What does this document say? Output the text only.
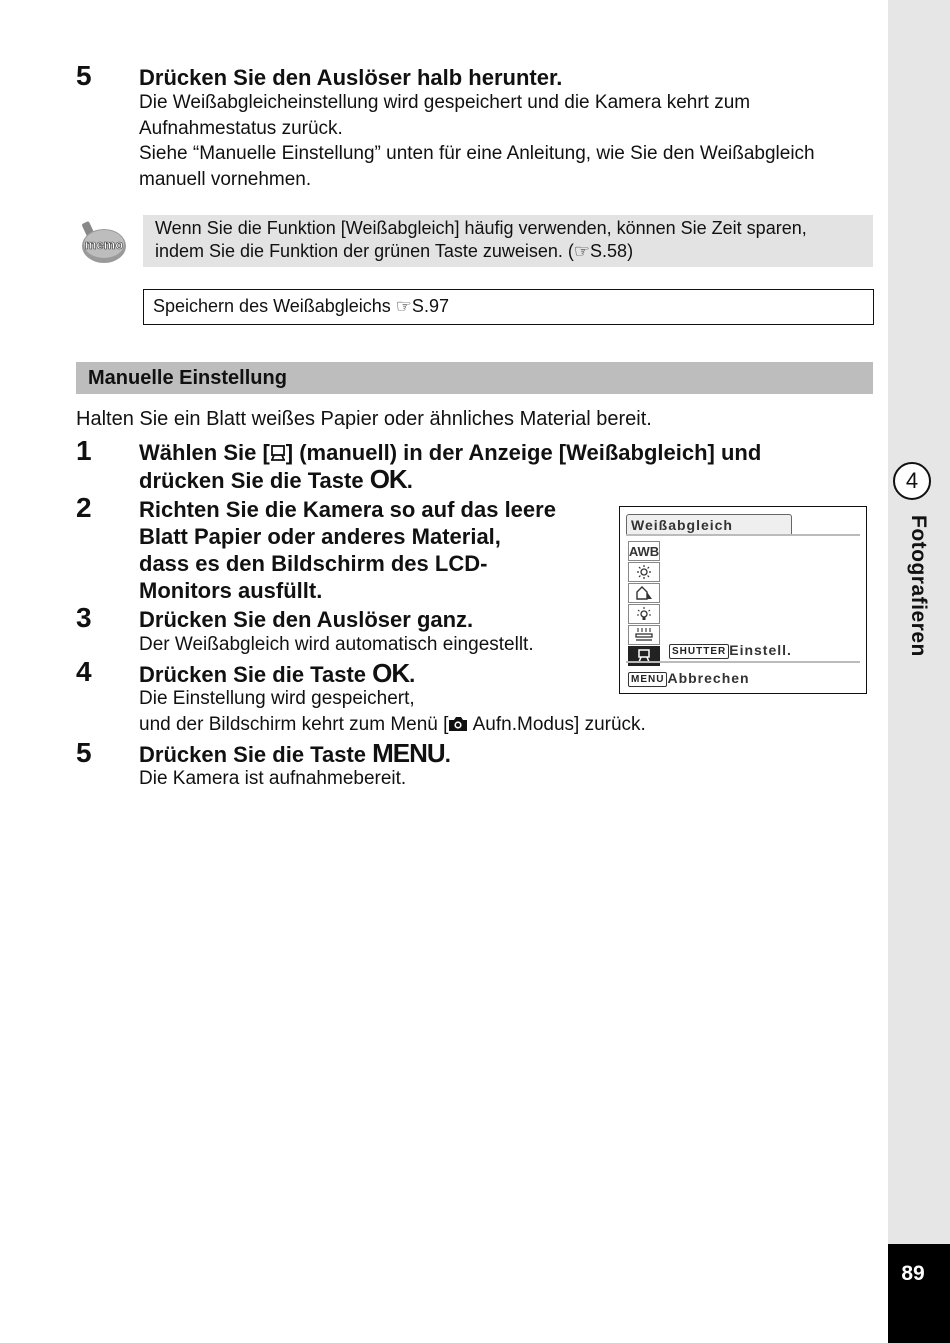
4
Fotografieren
89
5 Drücken Sie den Auslöser halb herunter.
Die Weißabgleicheinstellung wird gespeichert und die Kamera kehrt zum
Aufnahmestatus zurück.
Siehe “Manuelle Einstellung” unten für eine Anleitung, wie Sie den Weißabgleich
manuell vornehmen.
memo
Wenn Sie die Funktion [Weißabgleich] häufig verwenden, können Sie Zeit sparen,
indem Sie die Funktion der grünen Taste zuweisen. (☞S.58)
Speichern des Weißabgleichs ☞S.97
Manuelle Einstellung
Halten Sie ein Blatt weißes Papier oder ähnliches Material bereit.
1 Wählen Sie [ ] (manuell) in der Anzeige [Weißabgleich] und
drücken Sie die Taste OK.
2 Richten Sie die Kamera so auf das leere
Blatt Papier oder anderes Material,
dass es den Bildschirm des LCD-
Monitors ausfüllt.
3 Drücken Sie den Auslöser ganz.
Der Weißabgleich wird automatisch eingestellt.
4 Drücken Sie die Taste OK.
Die Einstellung wird gespeichert,
und der Bildschirm kehrt zum Menü [ Aufn.Modus] zurück.
5 Drücken Sie die Taste MENU.
Die Kamera ist aufnahmebereit.
Weißabgleich
AWB
SHUTTER Einstell.
MENU Abbrechen
